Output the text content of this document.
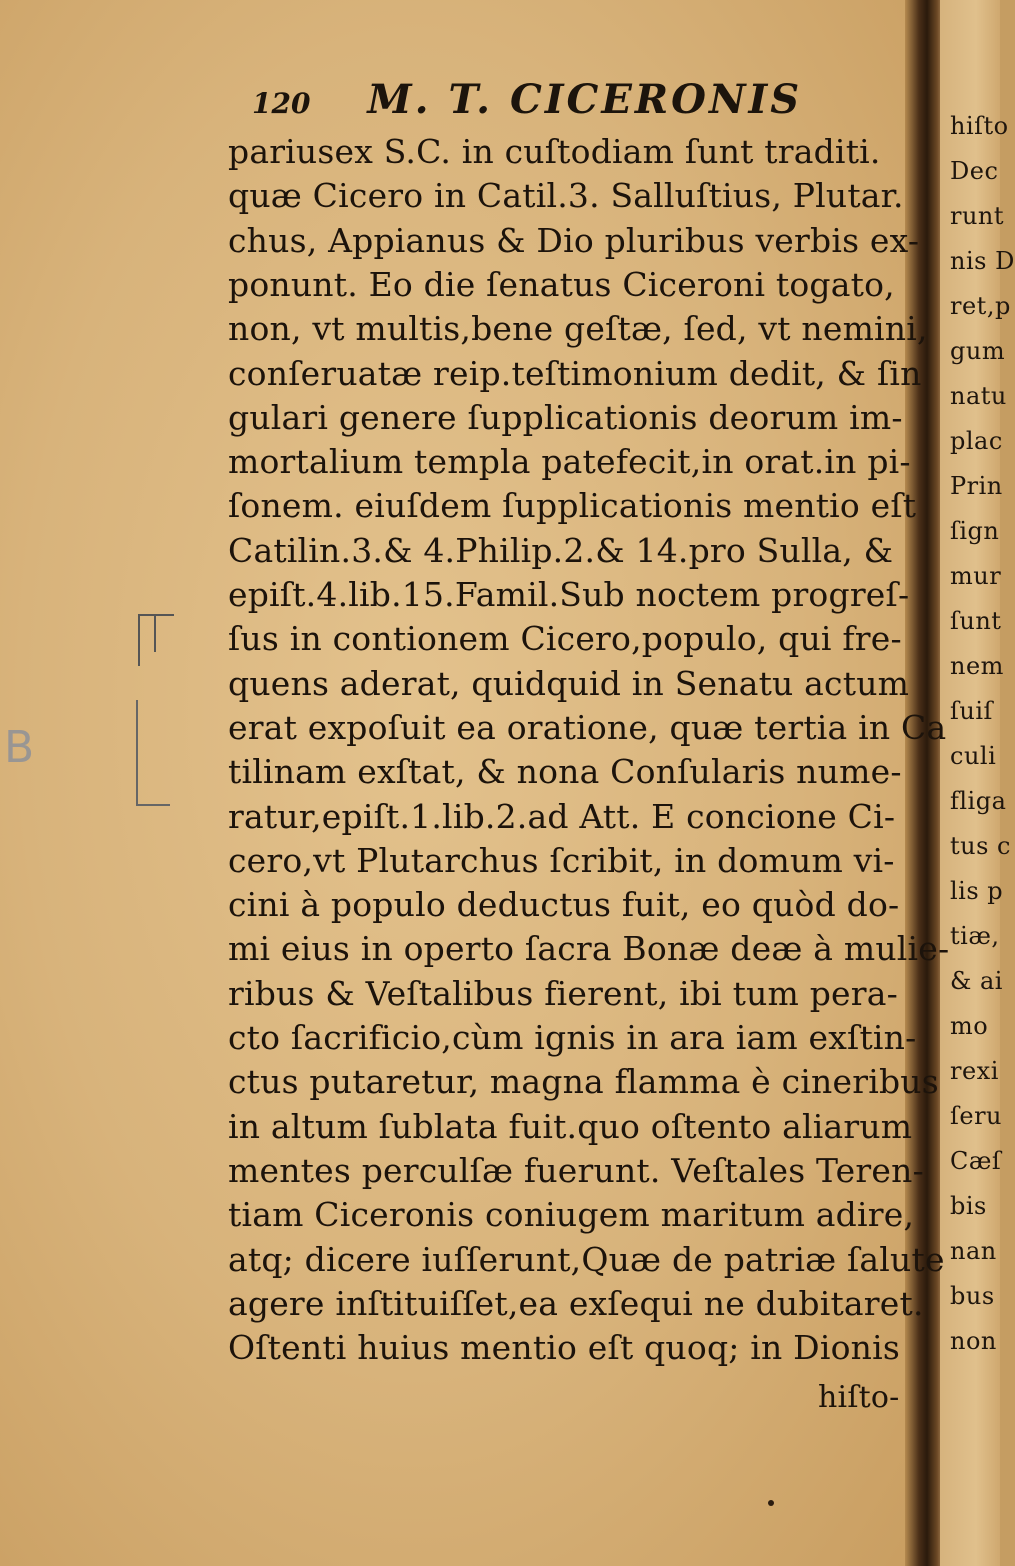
hiſto
Dec
runt
nis D
ret,p
gum
natu
plac
Prin
ſign
mur
ſunt
nem
ſuiſ
culi
fliga
tus c
lis p
tiæ,
& ai
mo
rexi
ſeru
Cæſ
bis
nan
bus
non
120 M. T. CICERONIS
pariusex S.C. in cuſtodiam ſunt traditi.
quæ Cicero in Catil.3. Salluſtius, Plutar.
chus, Appianus & Dio pluribus verbis ex-
ponunt. Eo die ſenatus Ciceroni togato,
non, vt multis,bene geſtæ, ſed, vt nemini,
conſeruatæ reip.teſtimonium dedit, & ſin
gulari genere ſupplicationis deorum im-
mortalium templa patefecit,in orat.in pi-
ſonem. eiuſdem ſupplicationis mentio eſt
Catilin.3.& 4.Philip.2.& 14.pro Sulla, &
epiſt.4.lib.15.Famil.Sub noctem progreſ-
ſus in contionem Cicero,populo, qui fre-
quens aderat, quidquid in Senatu actum
erat expoſuit ea oratione, quæ tertia in Ca
tilinam exſtat, & nona Conſularis nume-
ratur,epiſt.1.lib.2.ad Att. E concione Ci-
cero,vt Plutarchus ſcribit, in domum vi-
cini à populo deductus fuit, eo quòd do-
mi eius in operto ſacra Bonæ deæ à mulie-
ribus & Veſtalibus fierent, ibi tum pera-
cto ſacrificio,cùm ignis in ara iam exſtin-
ctus putaretur, magna flamma è cineribus
in altum ſublata fuit.quo oſtento aliarum
mentes perculſæ fuerunt. Veſtales Teren-
tiam Ciceronis coniugem maritum adire,
atq; dicere iuſſerunt,Quæ de patriæ ſalute
agere inſtituiſſet,ea exſequi ne dubitaret.
Oſtenti huius mentio eſt quoq; in Dionis
hiſto-
B
